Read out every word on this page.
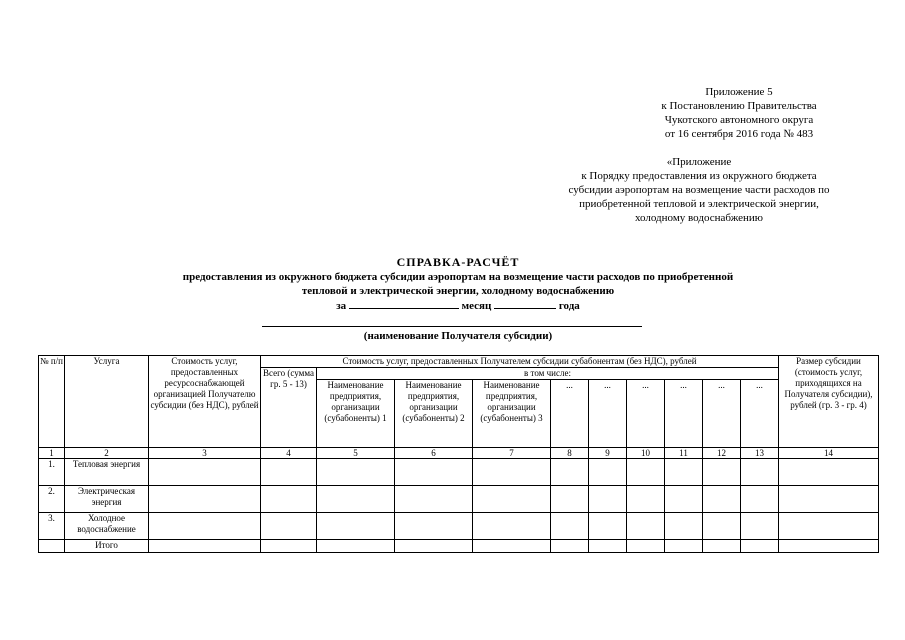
Приложение 5
к Постановлению Правительства
Чукотского автономного округа
от 16 сентября 2016 года № 483
«Приложение
к Порядку предоставления из окружного бюджета
субсидии аэропортам на возмещение части расходов по
приобретенной тепловой и электрической энергии,
холодному водоснабжению
СПРАВКА-РАСЧЁТ
предоставления из окружного бюджета субсидии аэропортам на возмещение части расходов по приобретенной
тепловой и электрической энергии, холодному водоснабжению
за	месяц	года
(наименование Получателя субсидии)
№ п/п	Услуга	Стоимость услуг, предоставленных ресурсоснабжающей организацией Получателю субсидии (без НДС), рублей	Стоимость услуг, предоставленных Получателем субсидии субабонентам (без НДС), рублей										Размер субсидии (стоимость услуг, приходящихся на Получателя субсидии), рублей (гр. 3 - гр. 4)
			Всего (сумма гр. 5 - 13)	в том числе:									
				Наименование предприятия, организации (субабоненты) 1	Наименование предприятия, организации (субабоненты) 2	Наименование предприятия, организации (субабоненты) 3	...	...	...	...	...	...	
1	2	3	4	5	6	7	8	9	10	11	12	13	14
1.	Тепловая энергия												
2.	Электрическая энергия												
3.	Холодное водоснабжение												
	Итого												
